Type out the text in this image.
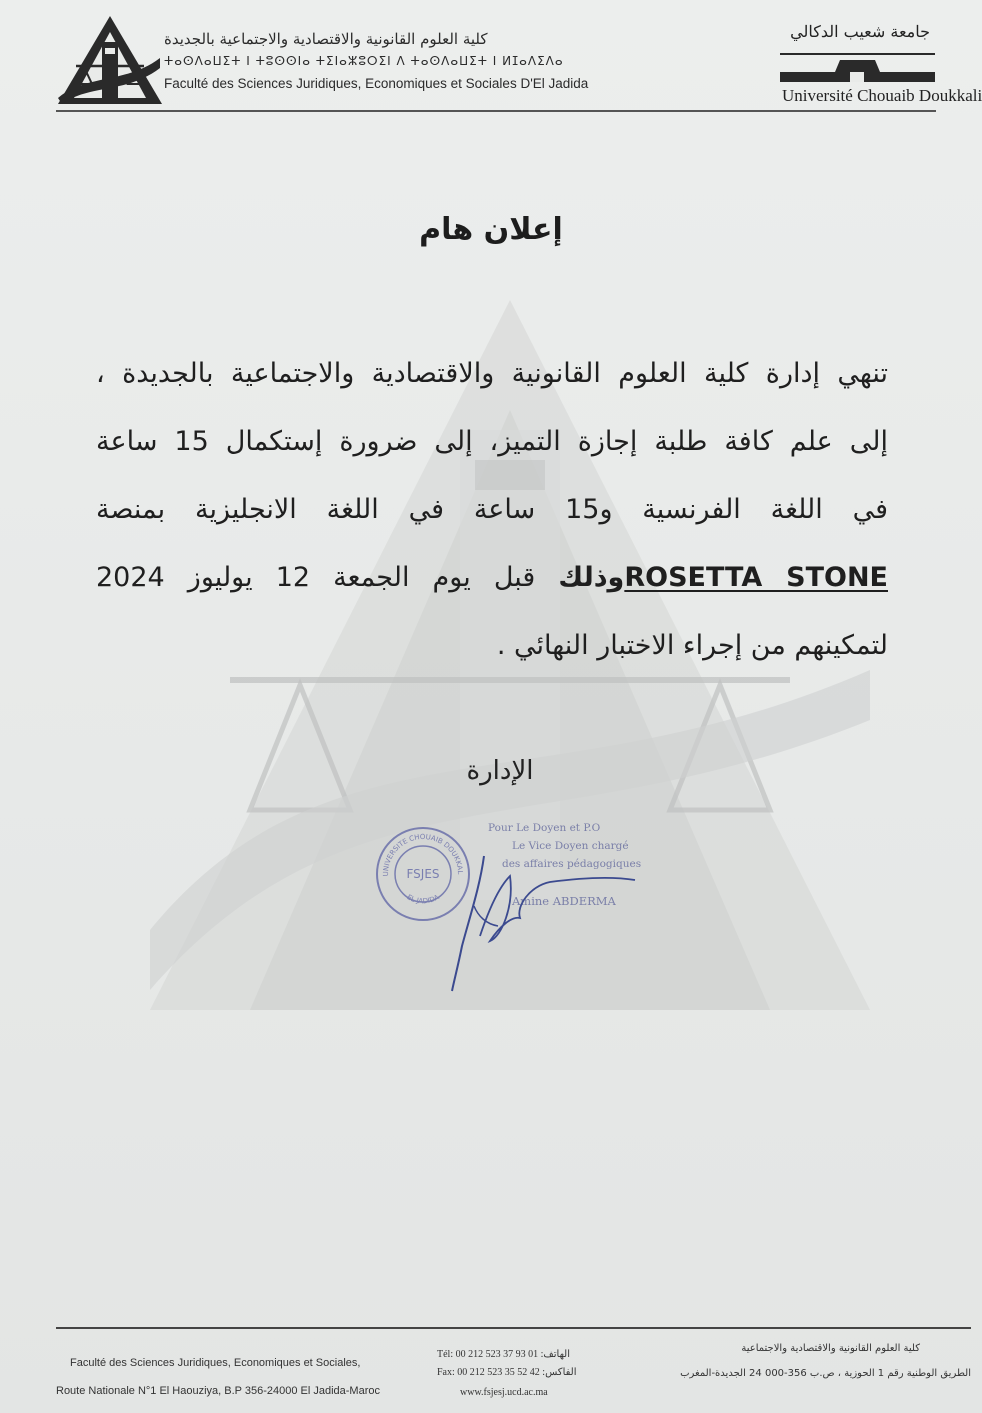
كلية العلوم القانونية والاقتصادية والاجتماعية بالجديدة
ⵜⴰⵙⴷⴰⵡⵉⵜ ⵏ ⵜⵓⵙⵙⵏⴰ ⵜⵉⵏⴰⵣⵓⵔⵉⵏ ⴷ ⵜⴰⵙⴷⴰⵡⵉⵜ ⵏ ⵍⵊⴰⴷⵉⴷⴰ
Faculté des Sciences Juridiques, Economiques et Sociales D'El Jadida
جامعة شعيب الدكالي
Université Chouaib Doukkali
إعلان هام
تنهي إدارة كلية العلوم القانونية والاقتصادية والاجتماعية بالجديدة ،
إلى علم كافة طلبة إجازة التميز، إلى ضرورة إستكمال 15 ساعة
في اللغة الفرنسية و15 ساعة في اللغة الانجليزية بمنصة
ROSETTA STONEوذلك قبل يوم الجمعة 12 يوليوز 2024
لتمكينهم من إجراء الاختبار النهائي .
الإدارة
UNIVERSITE CHOUAIB DOUKKAL
EL JADIDA
FSJES
Pour Le Doyen et P.O
Le Vice Doyen chargé
des affaires pédagogiques
Amine ABDERMA
Faculté des Sciences Juridiques, Economiques et Sociales,
Route Nationale N°1 El Haouziya, B.P 356-24000 El Jadida-Maroc
Tél: 00 212 523 37 93 01 :الهاتف
Fax: 00 212 523 35 52 42 :الفاكس
www.fsjesj.ucd.ac.ma
كلية العلوم القانونية والاقتصادية والاجتماعية
الطريق الوطنية رقم 1 الحوزية ، ص.ب 356-000 24 الجديدة-المغرب
